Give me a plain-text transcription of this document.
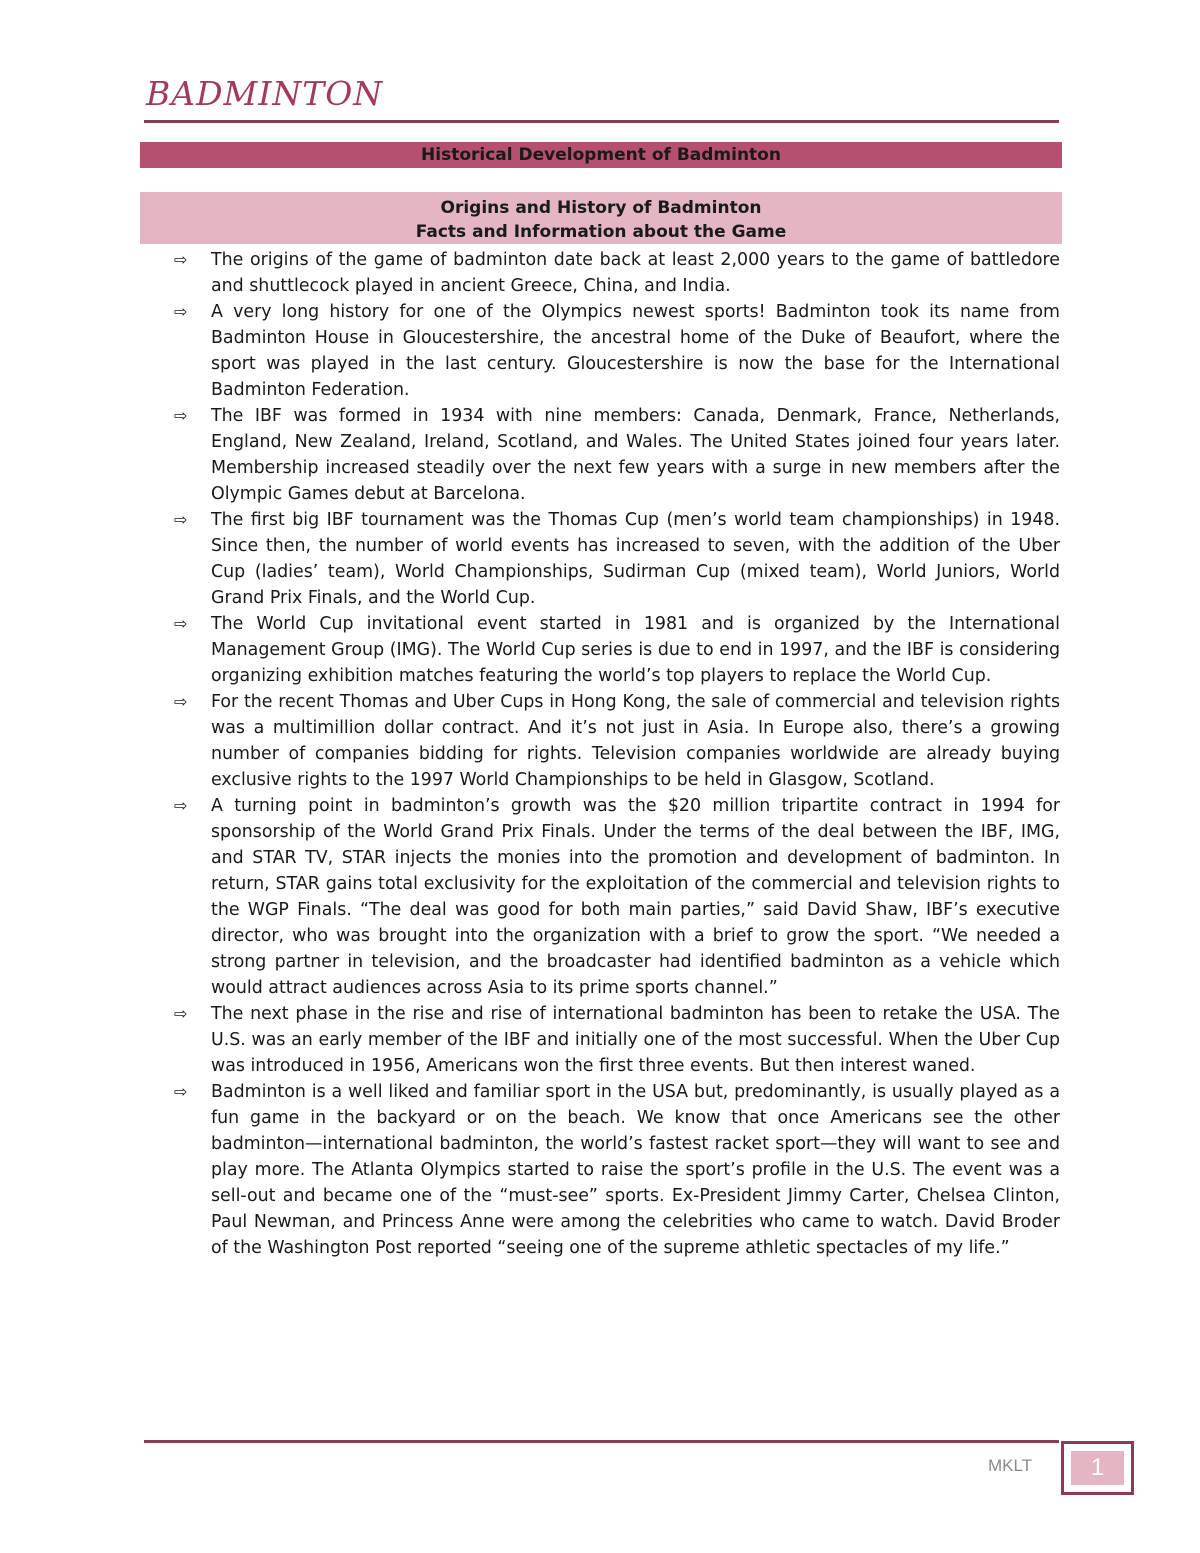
BADMINTON
Historical Development of Badminton
Origins and History of Badminton
Facts and Information about the Game
⇨	The origins of the game of badminton date back at least 2,000 years to the game of battledore and shuttlecock played in ancient Greece, China, and India.
⇨	A very long history for one of the Olympics newest sports! Badminton took its name from Badminton House in Gloucestershire, the ancestral home of the Duke of Beaufort, where the sport was played in the last century. Gloucestershire is now the base for the International Badminton Federation.
⇨	The IBF was formed in 1934 with nine members: Canada, Denmark, France, Netherlands, England, New Zealand, Ireland, Scotland, and Wales. The United States joined four years later. Membership increased steadily over the next few years with a surge in new members after the Olympic Games debut at Barcelona.
⇨	The first big IBF tournament was the Thomas Cup (men’s world team championships) in 1948. Since then, the number of world events has increased to seven, with the addition of the Uber Cup (ladies’ team), World Championships, Sudirman Cup (mixed team), World Juniors, World Grand Prix Finals, and the World Cup.
⇨	The World Cup invitational event started in 1981 and is organized by the International Management Group (IMG). The World Cup series is due to end in 1997, and the IBF is considering organizing exhibition matches featuring the world’s top players to replace the World Cup.
⇨	For the recent Thomas and Uber Cups in Hong Kong, the sale of commercial and television rights was a multimillion dollar contract. And it’s not just in Asia. In Europe also, there’s a growing number of companies bidding for rights. Television companies worldwide are already buying exclusive rights to the 1997 World Championships to be held in Glasgow, Scotland.
⇨	A turning point in badminton’s growth was the $20 million tripartite contract in 1994 for sponsorship of the World Grand Prix Finals. Under the terms of the deal between the IBF, IMG, and STAR TV, STAR injects the monies into the promotion and development of badminton. In return, STAR gains total exclusivity for the exploitation of the commercial and television rights to the WGP Finals. “The deal was good for both main parties,” said David Shaw, IBF’s executive director, who was brought into the organization with a brief to grow the sport. “We needed a strong partner in television, and the broadcaster had identified badminton as a vehicle which would attract audiences across Asia to its prime sports channel.”
⇨	The next phase in the rise and rise of international badminton has been to retake the USA. The U.S. was an early member of the IBF and initially one of the most successful. When the Uber Cup was introduced in 1956, Americans won the first three events. But then interest waned.
⇨	Badminton is a well liked and familiar sport in the USA but, predominantly, is usually played as a fun game in the backyard or on the beach. We know that once Americans see the other badminton—international badminton, the world’s fastest racket sport—they will want to see and play more. The Atlanta Olympics started to raise the sport’s profile in the U.S. The event was a sell-out and became one of the “must-see” sports. Ex-President Jimmy Carter, Chelsea Clinton, Paul Newman, and Princess Anne were among the celebrities who came to watch. David Broder of the Washington Post reported “seeing one of the supreme athletic spectacles of my life.”
MKLT	1
